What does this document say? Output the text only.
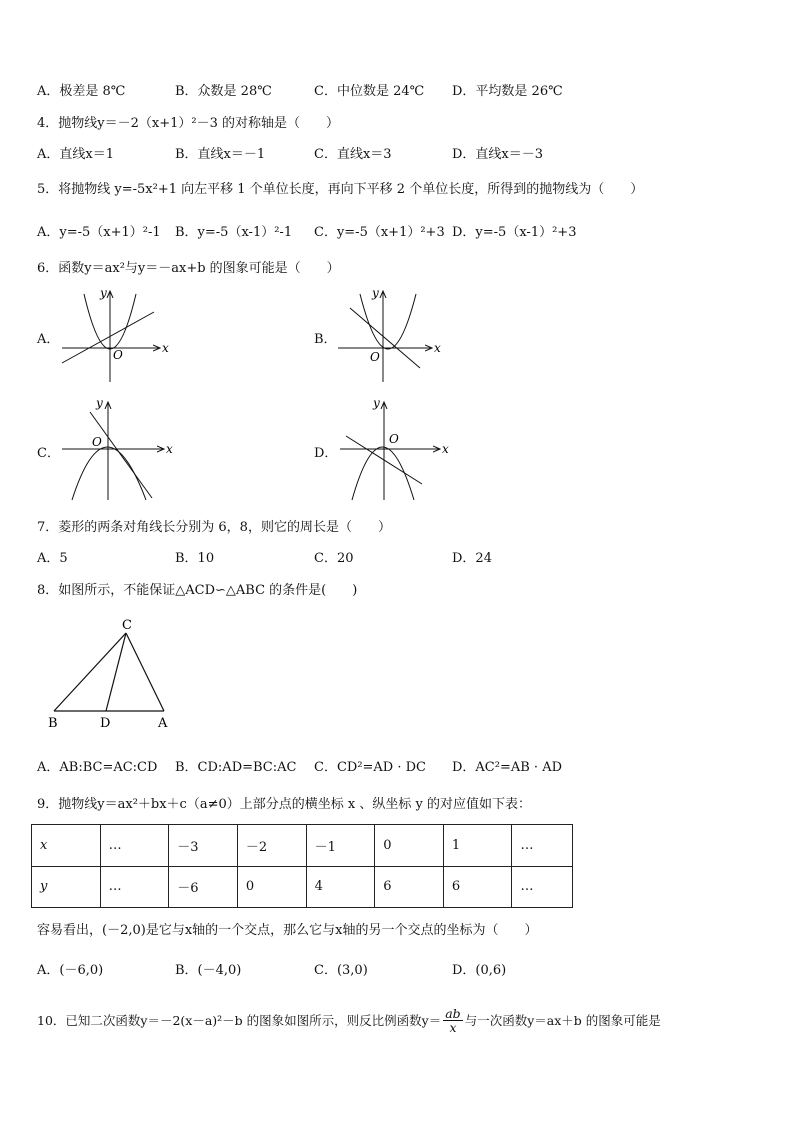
A．极差是 8℃	B．众数是 28℃	C．中位数是 24℃ D．平均数是 26℃
4．抛物线y＝－2（x+1）²－3 的对称轴是（　　）
A．直线x＝1	B．直线x＝－1	C．直线x＝3	D．直线x＝－3
5．将抛物线 y=-5x²+1 向左平移 1 个单位长度，再向下平移 2 个单位长度，所得到的抛物线为（　　）
A．y=-5（x+1）²-1 B．y=-5（x-1）²-1 C．y=-5（x+1）²+3 D．y=-5（x-1）²+3
6．函数y＝ax²与y＝－ax+b 的图象可能是（　　）
A．	B．
C．	D．
y
x
O
y
x
O
y
x
O
y
x
O
7．菱形的两条对角线长分别为 6，8，则它的周长是（　　）
A．5	B．10	C．20	D．24
8．如图所示，不能保证△ACD∽△ABC 的条件是(　　)
C
B	D	A
A．AB:BC=AC:CD B．CD:AD=BC:AC C．CD²=AD · DC D．AC²=AB · AD
9．抛物线y＝ax²＋bx＋c（a≠0）上部分点的横坐标 x 、纵坐标 y 的对应值如下表：
x	…	－3	－2	－1	0	1	…
y	…	－6	0	4	6	6	…
容易看出，(－2,0)是它与x轴的一个交点，那么它与x轴的另一个交点的坐标为（　　）
A．(－6,0)	B．(－4,0)	C．(3,0)	D．(0,6)
10．已知二次函数y＝－2(x－a)²－b 的图象如图所示，则反比例函数$y= \frac{ab}{x}$ 与一次函数y＝ax＋b 的图象可能是
